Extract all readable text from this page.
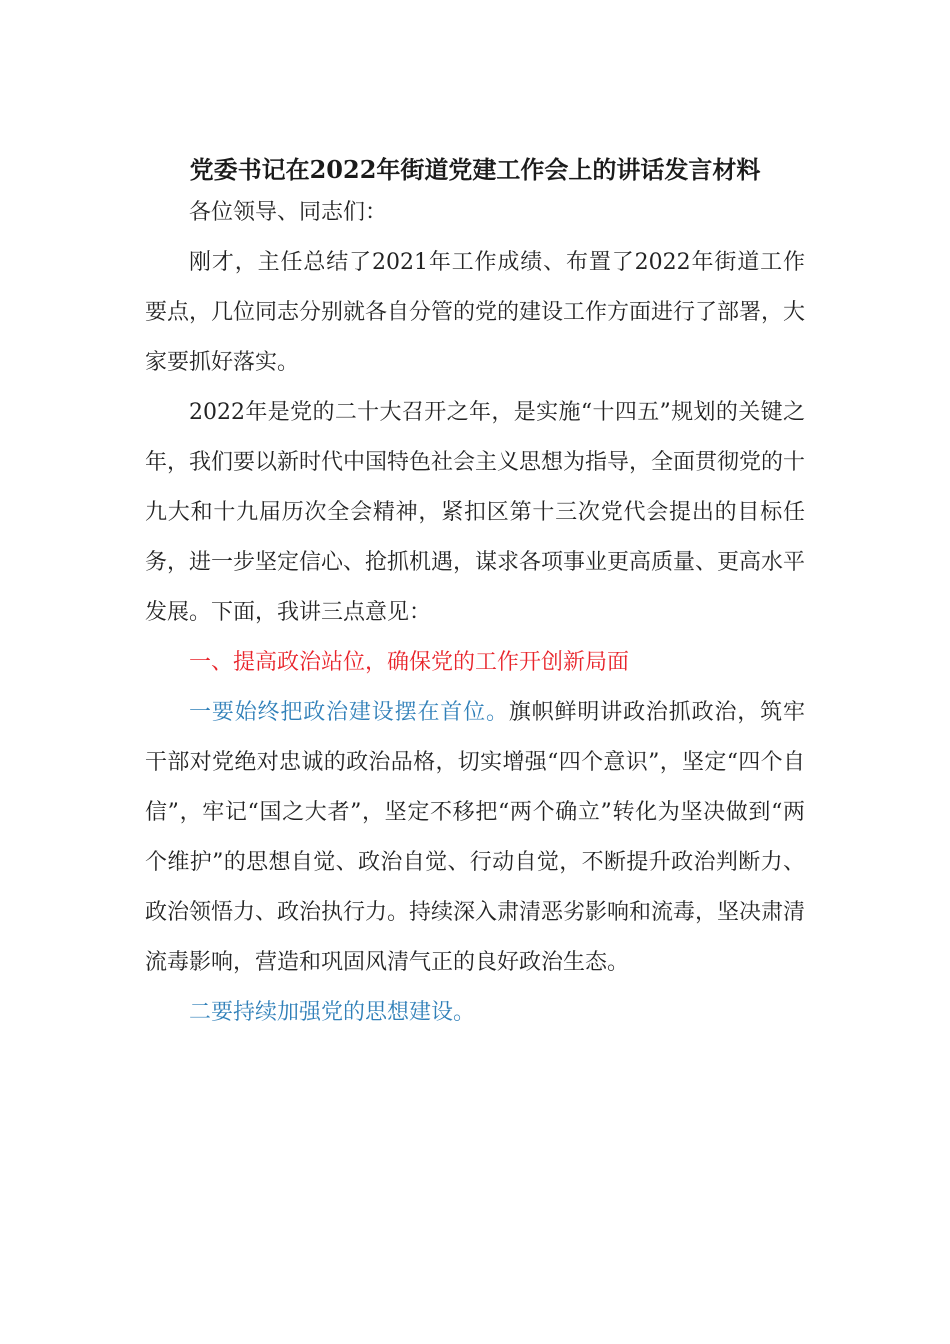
党委书记在2022年街道党建工作会上的讲话发言材料

各位领导、同志们：

刚才，主任总结了2021年工作成绩、布置了2022年街道工作要点，几位同志分别就各自分管的党的建设工作方面进行了部署，大家要抓好落实。

2022年是党的二十大召开之年，是实施“十四五”规划的关键之年，我们要以新时代中国特色社会主义思想为指导，全面贯彻党的十九大和十九届历次全会精神，紧扣区第十三次党代会提出的目标任务，进一步坚定信心、抢抓机遇，谋求各项事业更高质量、更高水平发展。下面，我讲三点意见：

一、提高政治站位，确保党的工作开创新局面

一要始终把政治建设摆在首位。旗帜鲜明讲政治抓政治，筑牢干部对党绝对忠诚的政治品格，切实增强“四个意识”，坚定“四个自信”，牢记“国之大者”，坚定不移把“两个确立”转化为坚决做到“两个维护”的思想自觉、政治自觉、行动自觉，不断提升政治判断力、政治领悟力、政治执行力。持续深入肃清恶劣影响和流毒，坚决肃清流毒影响，营造和巩固风清气正的良好政治生态。

二要持续加强党的思想建设。
